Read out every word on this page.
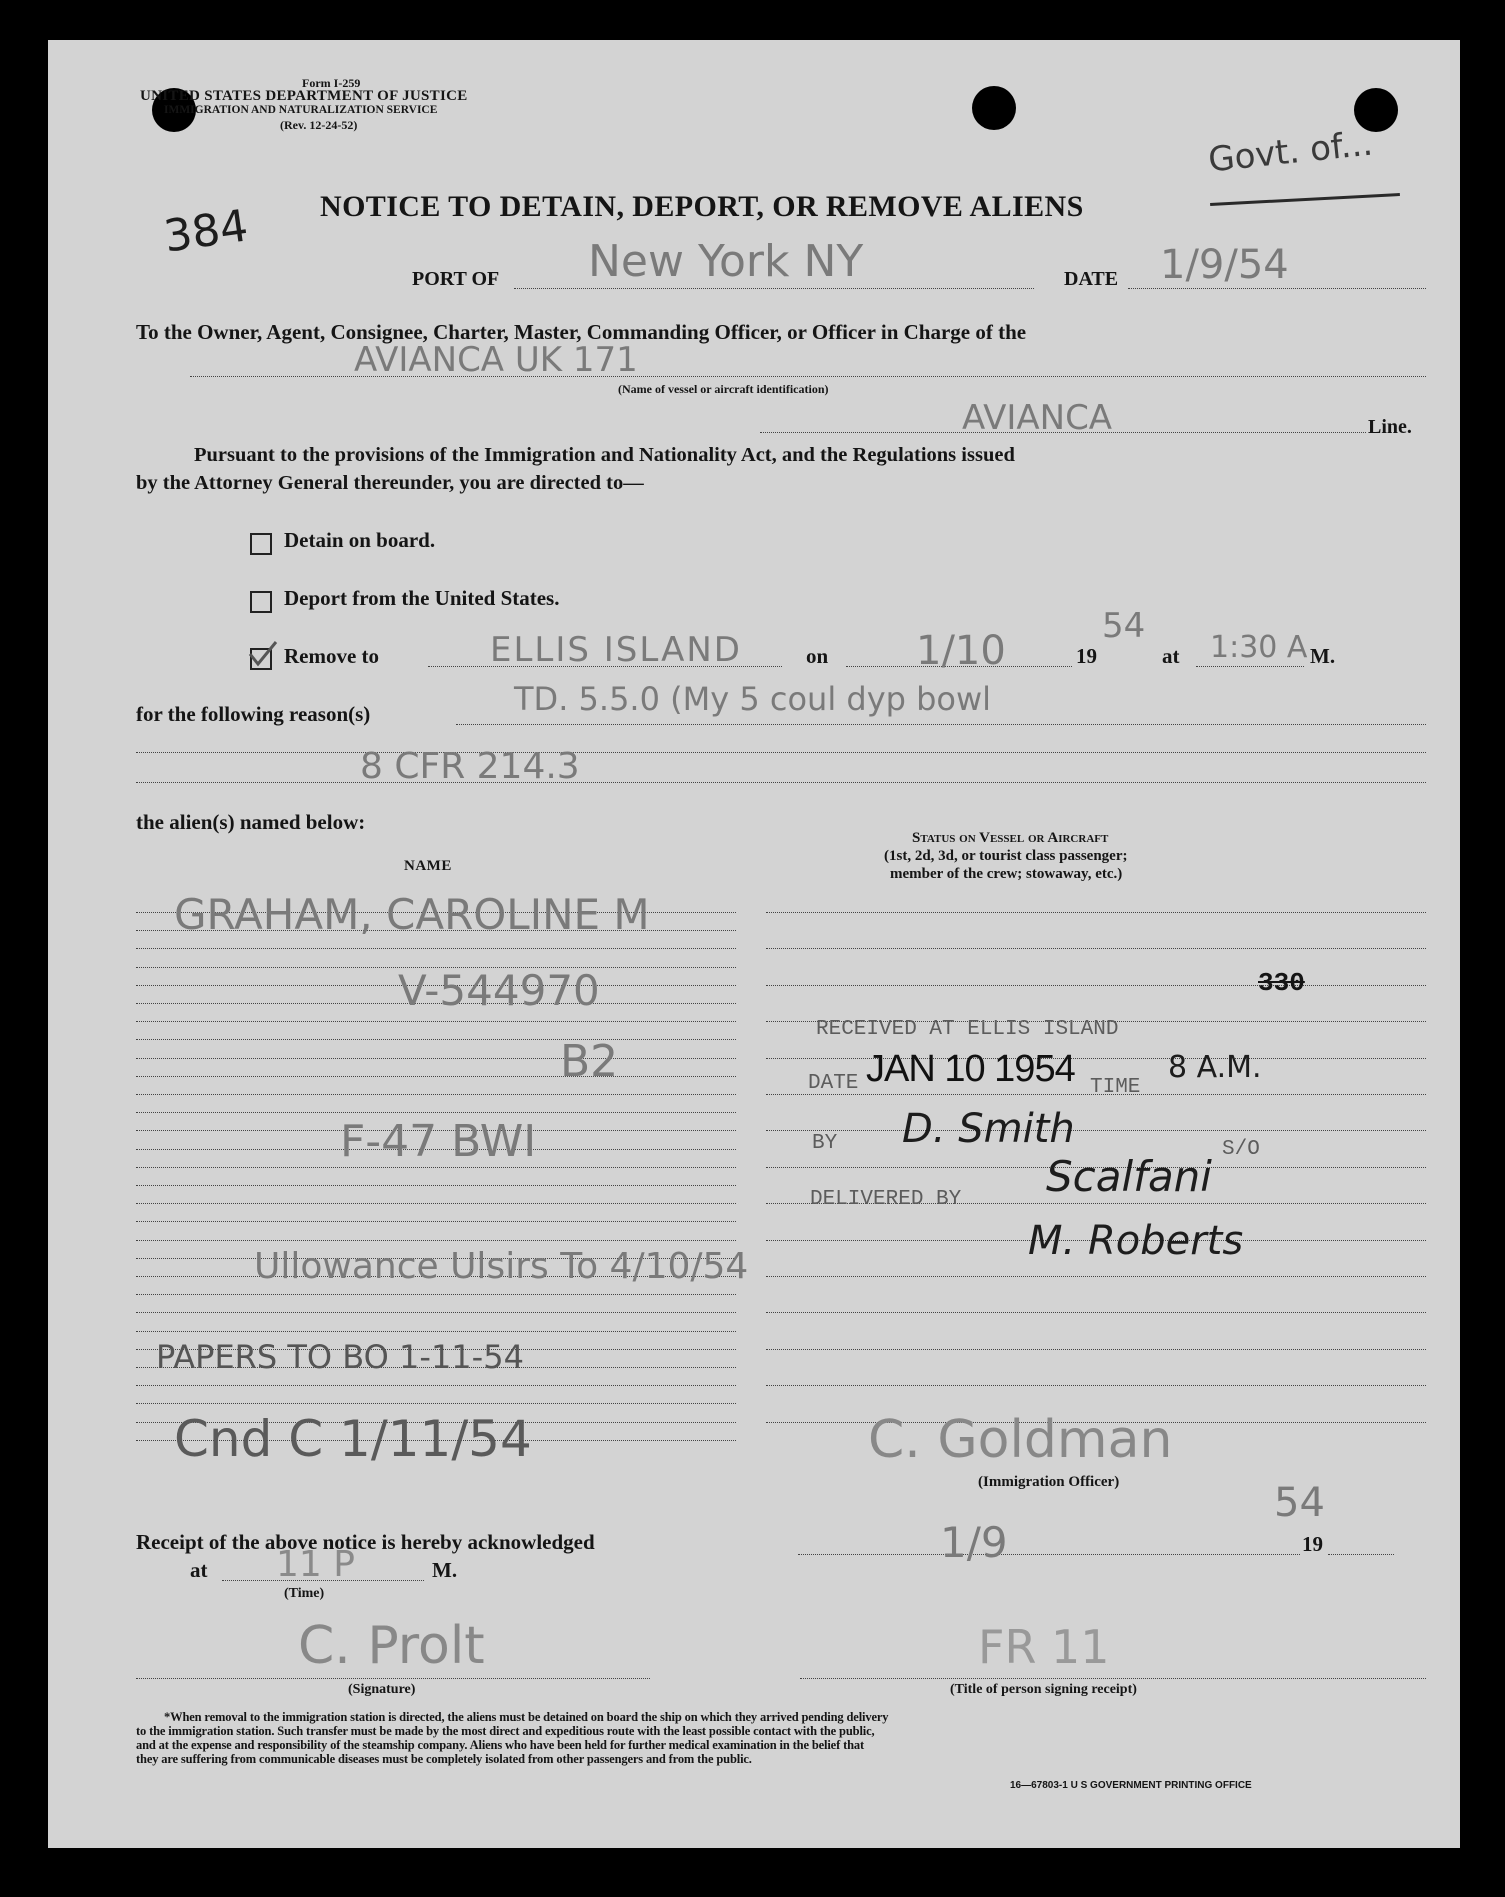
Form I-259
UNITED STATES DEPARTMENT OF JUSTICE
IMMIGRATION AND NATURALIZATION SERVICE
(Rev. 12-24-52)
384
Govt. of...
NOTICE TO DETAIN, DEPORT, OR REMOVE ALIENS
PORT OF New York NY	DATE 1/9/54
To the Owner, Agent, Consignee, Charter, Master, Commanding Officer, or Officer in Charge of the
AVIANCA UK 171
(Name of vessel or aircraft identification)
AVIANCA	Line.
Pursuant to the provisions of the Immigration and Nationality Act, and the Regulations issued
by the Attorney General thereunder, you are directed to—
Detain on board.
Deport from the United States.
Remove to	ELLIS ISLAND	on 1/10	19
54
at 1:30 A M.
for the following reason(s)	TD. 5.5.0 (My 5 coul dyp bowl
8 CFR 214.3
the alien(s) named below:
NAME
Status on Vessel or Aircraft
(1st, 2d, 3d, or tourist class passenger;
member of the crew; stowaway, etc.)
GRAHAM, CAROLINE M
V-544970
B2
F-47 BWI
Ullowance Ulsirs To 4/10/54
PAPERS TO BO 1-11-54
Cnd C 1/11/54
330
RECEIVED AT ELLIS ISLAND
DATE JAN 10 1954 TIME
8 A.M.
BY D. Smith	S/O
DELIVERED BY Scalfani
M. Roberts
C. Goldman
(Immigration Officer)
Receipt of the above notice is hereby acknowledged	1/9	19
54
at 11 P	M.
(Time)
C. Prolt
(Signature)
FR 11
(Title of person signing receipt)
*When removal to the immigration station is directed, the aliens must be detained on board the ship on which they arrived pending delivery
to the immigration station. Such transfer must be made by the most direct and expeditious route with the least possible contact with the public,
and at the expense and responsibility of the steamship company. Aliens who have been held for further medical examination in the belief that
they are suffering from communicable diseases must be completely isolated from other passengers and from the public.
16—67803-1 U S GOVERNMENT PRINTING OFFICE
